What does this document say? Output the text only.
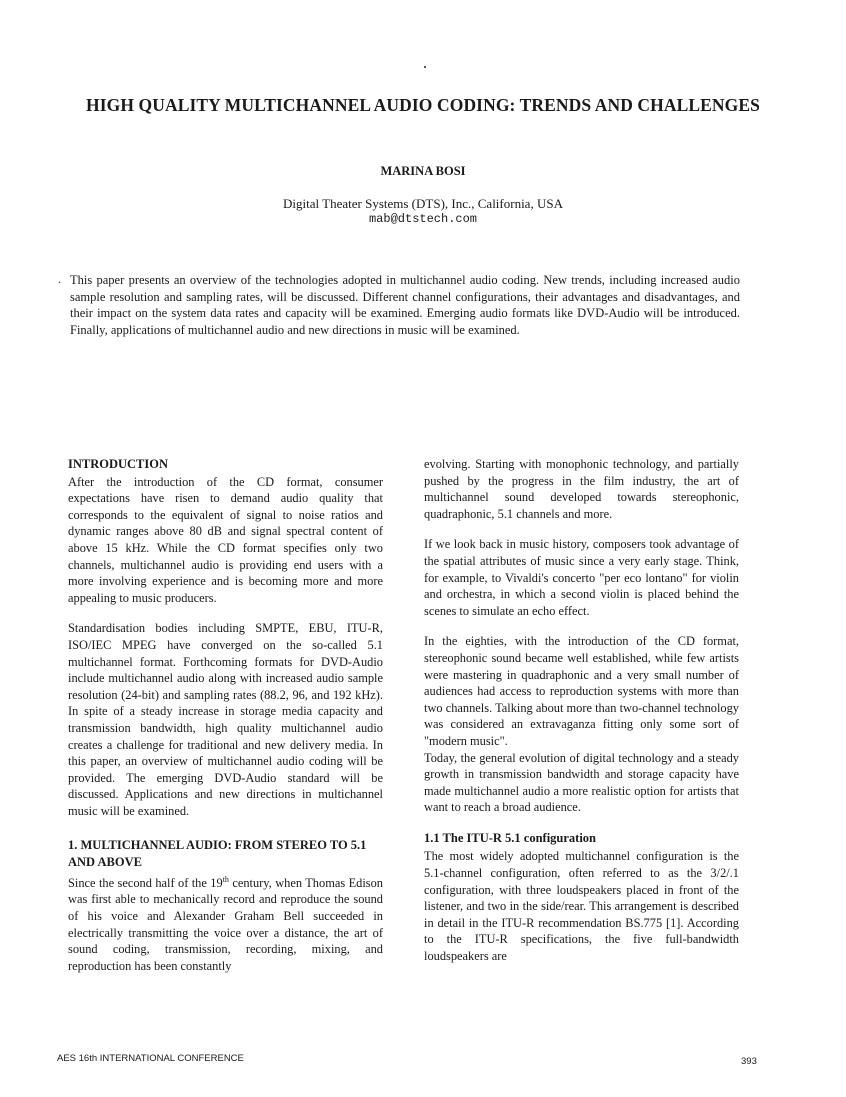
HIGH QUALITY MULTICHANNEL AUDIO CODING: TRENDS AND CHALLENGES
MARINA BOSI
Digital Theater Systems (DTS), Inc., California, USA
mab@dtstech.com
. This paper presents an overview of the technologies adopted in multichannel audio coding. New trends, including increased audio sample resolution and sampling rates, will be discussed. Different channel configurations, their advantages and disadvantages, and their impact on the system data rates and capacity will be examined. Emerging audio formats like DVD-Audio will be introduced. Finally, applications of multichannel audio and new directions in music will be examined.
INTRODUCTION

After the introduction of the CD format, consumer expectations have risen to demand audio quality that corresponds to the equivalent of signal to noise ratios and dynamic ranges above 80 dB and signal spectral content of above 15 kHz. While the CD format specifies only two channels, multichannel audio is providing end users with a more involving experience and is becoming more and more appealing to music producers.

Standardisation bodies including SMPTE, EBU, ITU-R, ISO/IEC MPEG have converged on the so-called 5.1 multichannel format. Forthcoming formats for DVD-Audio include multichannel audio along with increased audio sample resolution (24-bit) and sampling rates (88.2, 96, and 192 kHz). In spite of a steady increase in storage media capacity and transmission bandwidth, high quality multichannel audio creates a challenge for traditional and new delivery media. In this paper, an overview of multichannel audio coding will be provided. The emerging DVD-Audio standard will be discussed. Applications and new directions in multichannel music will be examined.

1. MULTICHANNEL AUDIO: FROM STEREO TO 5.1 AND ABOVE

Since the second half of the 19th century, when Thomas Edison was first able to mechanically record and reproduce the sound of his voice and Alexander Graham Bell succeeded in electrically transmitting the voice over a distance, the art of sound coding, transmission, recording, mixing, and reproduction has been constantly

evolving. Starting with monophonic technology, and partially pushed by the progress in the film industry, the art of multichannel sound developed towards stereophonic, quadraphonic, 5.1 channels and more.

If we look back in music history, composers took advantage of the spatial attributes of music since a very early stage. Think, for example, to Vivaldi's concerto "per eco lontano" for violin and orchestra, in which a second violin is placed behind the scenes to simulate an echo effect.

In the eighties, with the introduction of the CD format, stereophonic sound became well established, while few artists were mastering in quadraphonic and a very small number of audiences had access to reproduction systems with more than two channels. Talking about more than two-channel technology was considered an extravaganza fitting only some sort of "modern music".

Today, the general evolution of digital technology and a steady growth in transmission bandwidth and storage capacity have made multichannel audio a more realistic option for artists that want to reach a broad audience.

1.1 The ITU-R 5.1 configuration

The most widely adopted multichannel configuration is the 5.1-channel configuration, often referred to as the 3/2/.1 configuration, with three loudspeakers placed in front of the listener, and two in the side/rear. This arrangement is described in detail in the ITU-R recommendation BS.775 [1]. According to the ITU-R specifications, the five full-bandwidth loudspeakers are

AES 16th INTERNATIONAL CONFERENCE	393
